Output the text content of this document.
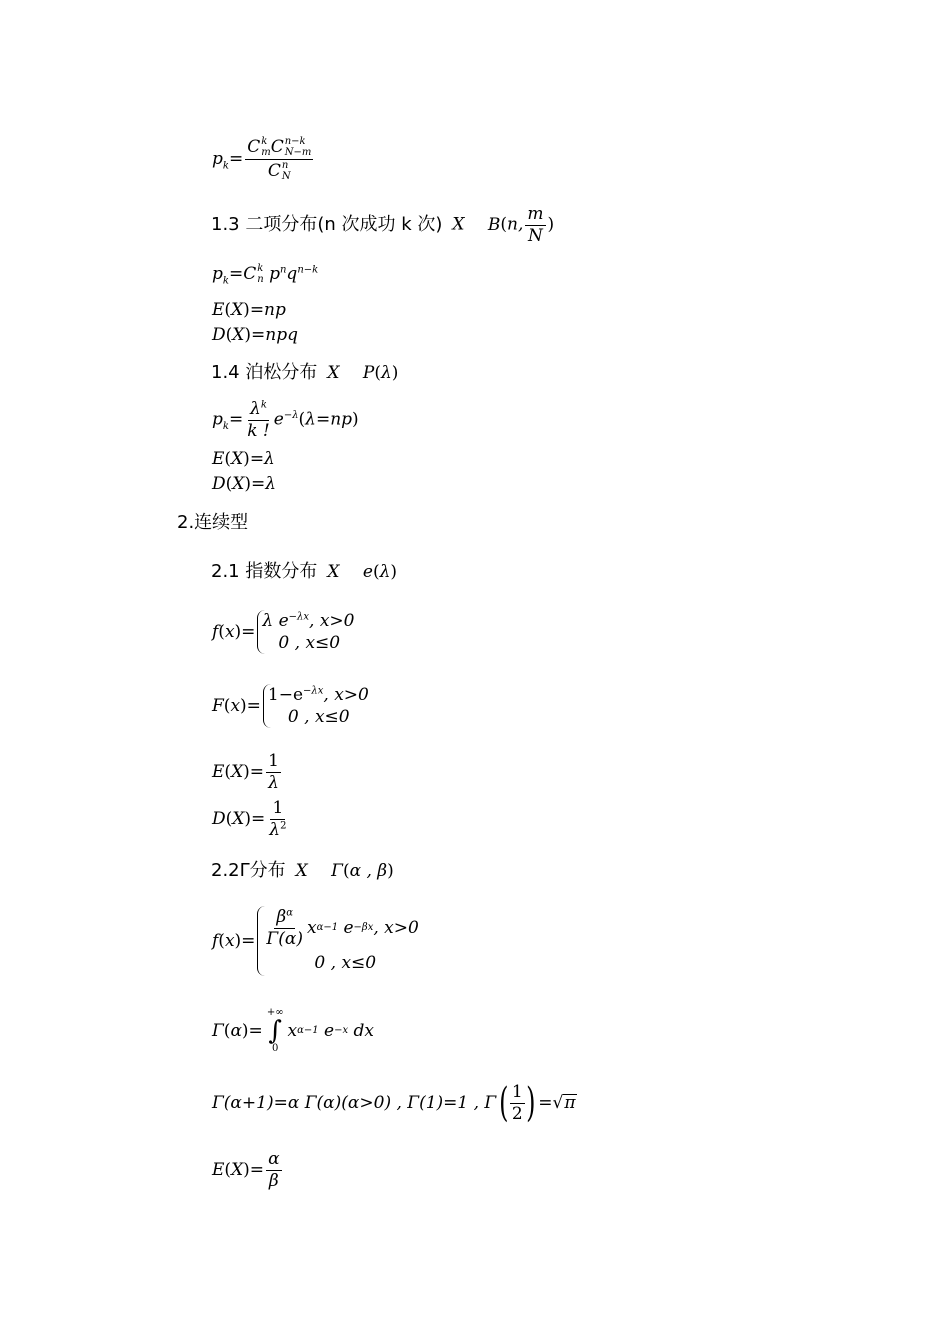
$p_k= C$ k
m C n−k
N−m
C n
N
1.3 二项分布(n 次成功 k 次) X B(n, $\frac{m}{N}$ )
$p_k=C$ k
n $p^nq^{n-k}$
E(X)=np
D(X)=npq
1.4 泊松分布 X P(λ)
$p_k= \frac{\lambda^k}{k !} e^{-\lambda}(\lambda=np)$
E(X)=λ
D(X)=λ
2.连续型
2.1 指数分布 X e(λ)
f ( x )=
λ $e^{-\lambda x}$, x>0
0 , x≤0
F ( x )=
$1-e^{-\lambda x}$, x>0
0 , x≤0
E ( X )= $\frac{1}{\lambda}$
D ( X )= $\frac{1}{\lambda^2}$
2.2Γ分布 X Γ(α , β)
f ( x )= $\frac{\beta^\alpha}{\Gamma(\alpha)}$ x α−1
e −βx , x>0
0 , x≤0
Γ ( α )=
+∞
∫
0
x α−1
e −x
dx
Γ(α+1)=α Γ(α)(α>0) , Γ(1)=1 , Γ ( $\frac{1}{2}$ ) = √ π
E ( X )= $\frac{\alpha}{\beta}$
